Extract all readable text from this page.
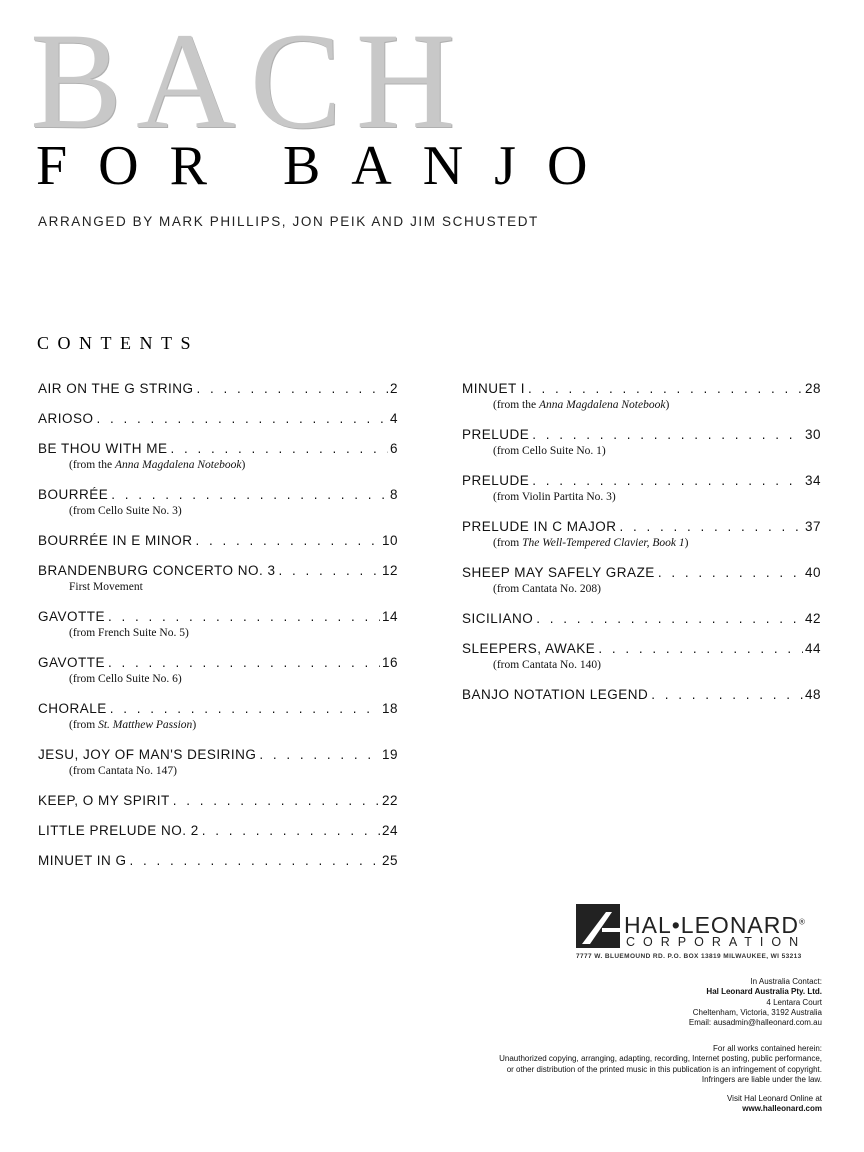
BACH
FOR BANJO
ARRANGED BY MARK PHILLIPS, JON PEIK AND JIM SCHUSTEDT
CONTENTS
AIR ON THE G STRING . . .	2
ARIOSO . . .	4
BE THOU WITH ME . . .	6
(from the Anna Magdalena Notebook)
BOURRÉE . . .	8
(from Cello Suite No. 3)
BOURRÉE IN E MINOR . . .	10
BRANDENBURG CONCERTO NO. 3 . . .	12
First Movement
GAVOTTE . . .	14
(from French Suite No. 5)
GAVOTTE . . .	16
(from Cello Suite No. 6)
CHORALE . . .	18
(from St. Matthew Passion)
JESU, JOY OF MAN'S DESIRING . . .	19
(from Cantata No. 147)
KEEP, O MY SPIRIT . . .	22
LITTLE PRELUDE NO. 2 . . .	24
MINUET IN G . . .	25
MINUET I . . .	28
(from the Anna Magdalena Notebook)
PRELUDE . . .	30
(from Cello Suite No. 1)
PRELUDE . . .	34
(from Violin Partita No. 3)
PRELUDE IN C MAJOR . . .	37
(from The Well-Tempered Clavier, Book 1)
SHEEP MAY SAFELY GRAZE . . .	40
(from Cantata No. 208)
SICILIANO . . .	42
SLEEPERS, AWAKE . . .	44
(from Cantata No. 140)
BANJO NOTATION LEGEND . . .	48
HAL•LEONARD®
CORPORATION
7777 W. BLUEMOUND RD. P.O. BOX 13819 MILWAUKEE, WI 53213
In Australia Contact:
Hal Leonard Australia Pty. Ltd.
4 Lentara Court
Cheltenham, Victoria, 3192 Australia
Email: ausadmin@halleonard.com.au
For all works contained herein:
Unauthorized copying, arranging, adapting, recording, Internet posting, public performance,
or other distribution of the printed music in this publication is an infringement of copyright.
Infringers are liable under the law.
Visit Hal Leonard Online at
www.halleonard.com
